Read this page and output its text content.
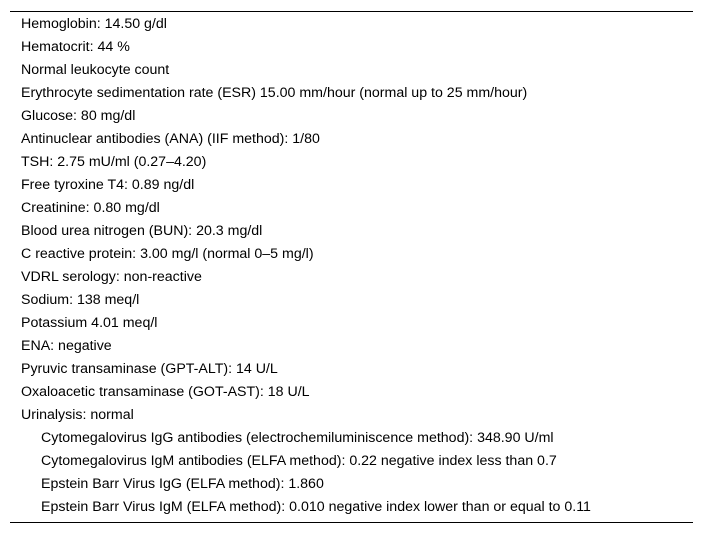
Hemoglobin: 14.50 g/dl
Hematocrit: 44 %
Normal leukocyte count
Erythrocyte sedimentation rate (ESR) 15.00 mm/hour (normal up to 25 mm/hour)
Glucose: 80 mg/dl
Antinuclear antibodies (ANA) (IIF method): 1/80
TSH: 2.75 mU/ml (0.27–4.20)
Free tyroxine T4: 0.89 ng/dl
Creatinine: 0.80 mg/dl
Blood urea nitrogen (BUN): 20.3 mg/dl
C reactive protein: 3.00 mg/l (normal 0–5 mg/l)
VDRL serology: non-reactive
Sodium: 138 meq/l
Potassium 4.01 meq/l
ENA: negative
Pyruvic transaminase (GPT-ALT): 14 U/L
Oxaloacetic transaminase (GOT-AST): 18 U/L
Urinalysis: normal
Cytomegalovirus IgG antibodies (electrochemiluminiscence method): 348.90 U/ml
Cytomegalovirus IgM antibodies (ELFA method): 0.22 negative index less than 0.7
Epstein Barr Virus IgG (ELFA method): 1.860
Epstein Barr Virus IgM (ELFA method): 0.010 negative index lower than or equal to 0.11
